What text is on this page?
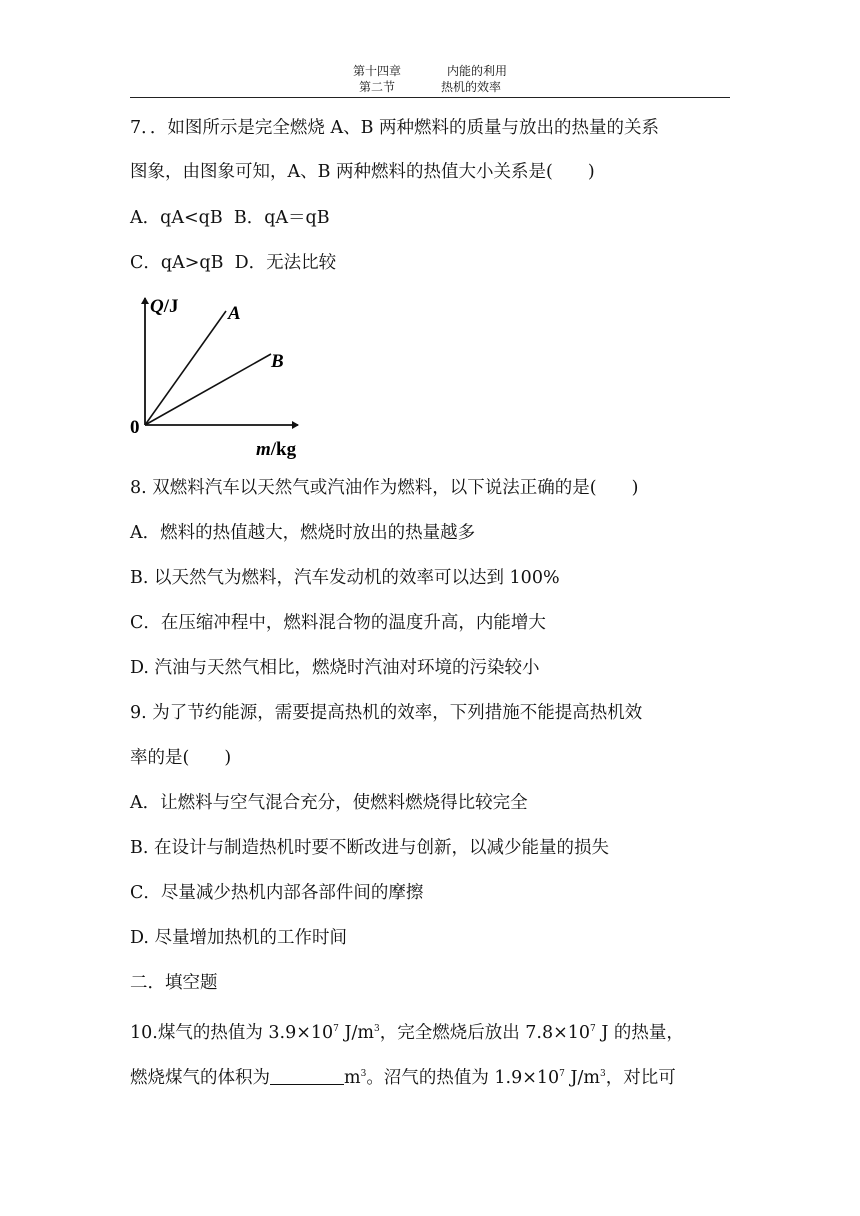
第十四章	内能的利用
第二节	热机的效率
7．．如图所示是完全燃烧 A、B 两种燃料的质量与放出的热量的关系
图象，由图象可知，A、B 两种燃料的热值大小关系是(　　)
A．qA<qB B．qA＝qB
C．qA>qB D．无法比较
Q/J
m/kg
0
A
B
8. 双燃料汽车以天然气或汽油作为燃料，以下说法正确的是(　　)
A．燃料的热值越大，燃烧时放出的热量越多
B. 以天然气为燃料，汽车发动机的效率可以达到 100%
C．在压缩冲程中，燃料混合物的温度升高，内能增大
D. 汽油与天然气相比，燃烧时汽油对环境的污染较小
9. 为了节约能源，需要提高热机的效率，下列措施不能提高热机效
率的是(　　)
A．让燃料与空气混合充分，使燃料燃烧得比较完全
B. 在设计与制造热机时要不断改进与创新，以减少能量的损失
C．尽量减少热机内部各部件间的摩擦
D. 尽量增加热机的工作时间
二．填空题
10.煤气的热值为 $3.9\times 10^7$ $J/m^3$，完全燃烧后放出 $7.8\times 10^7$ J 的热量，
燃烧煤气的体积为	$m^3$。沼气的热值为 $1.9\times 10^7$ $J/m^3$，对比可
